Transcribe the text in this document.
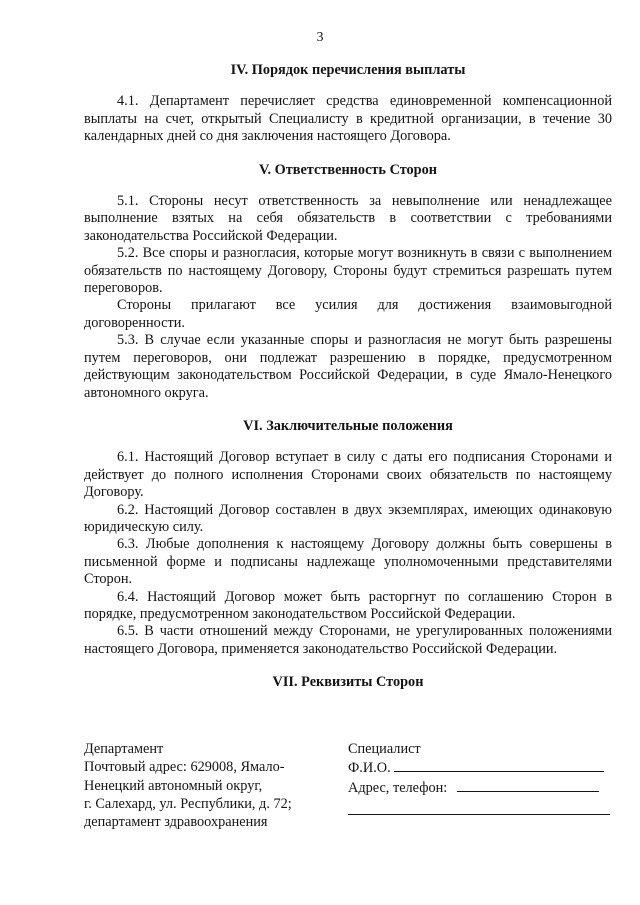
3

IV. Порядок перечисления выплаты

4.1. Департамент перечисляет средства единовременной компенсационной выплаты на счет, открытый Специалисту в кредитной организации, в течение 30 календарных дней со дня заключения настоящего Договора.

V. Ответственность Сторон

5.1. Стороны несут ответственность за невыполнение или ненадлежащее выполнение взятых на себя обязательств в соответствии с требованиями законодательства Российской Федерации.

5.2. Все споры и разногласия, которые могут возникнуть в связи с выполнением обязательств по настоящему Договору, Стороны будут стремиться разрешать путем переговоров.

Стороны прилагают все усилия для достижения взаимовыгодной договоренности.

5.3. В случае если указанные споры и разногласия не могут быть разрешены путем переговоров, они подлежат разрешению в порядке, предусмотренном действующим законодательством Российской Федерации, в суде Ямало-Ненецкого автономного округа.

VI. Заключительные положения

6.1. Настоящий Договор вступает в силу с даты его подписания Сторонами и действует до полного исполнения Сторонами своих обязательств по настоящему Договору.

6.2. Настоящий Договор составлен в двух экземплярах, имеющих одинаковую юридическую силу.

6.3. Любые дополнения к настоящему Договору должны быть совершены в письменной форме и подписаны надлежаще уполномоченными представителями Сторон.

6.4. Настоящий Договор может быть расторгнут по соглашению Сторон в порядке, предусмотренном законодательством Российской Федерации.

6.5. В части отношений между Сторонами, не урегулированных положениями настоящего Договора, применяется законодательство Российской Федерации.

VII. Реквизиты Сторон

Департамент
Почтовый адрес: 629008, Ямало-
Ненецкий автономный округ,
г. Салехард, ул. Республики, д. 72;
департамент здравоохранения
Специалист
Ф.И.О.
Адрес, телефон:
